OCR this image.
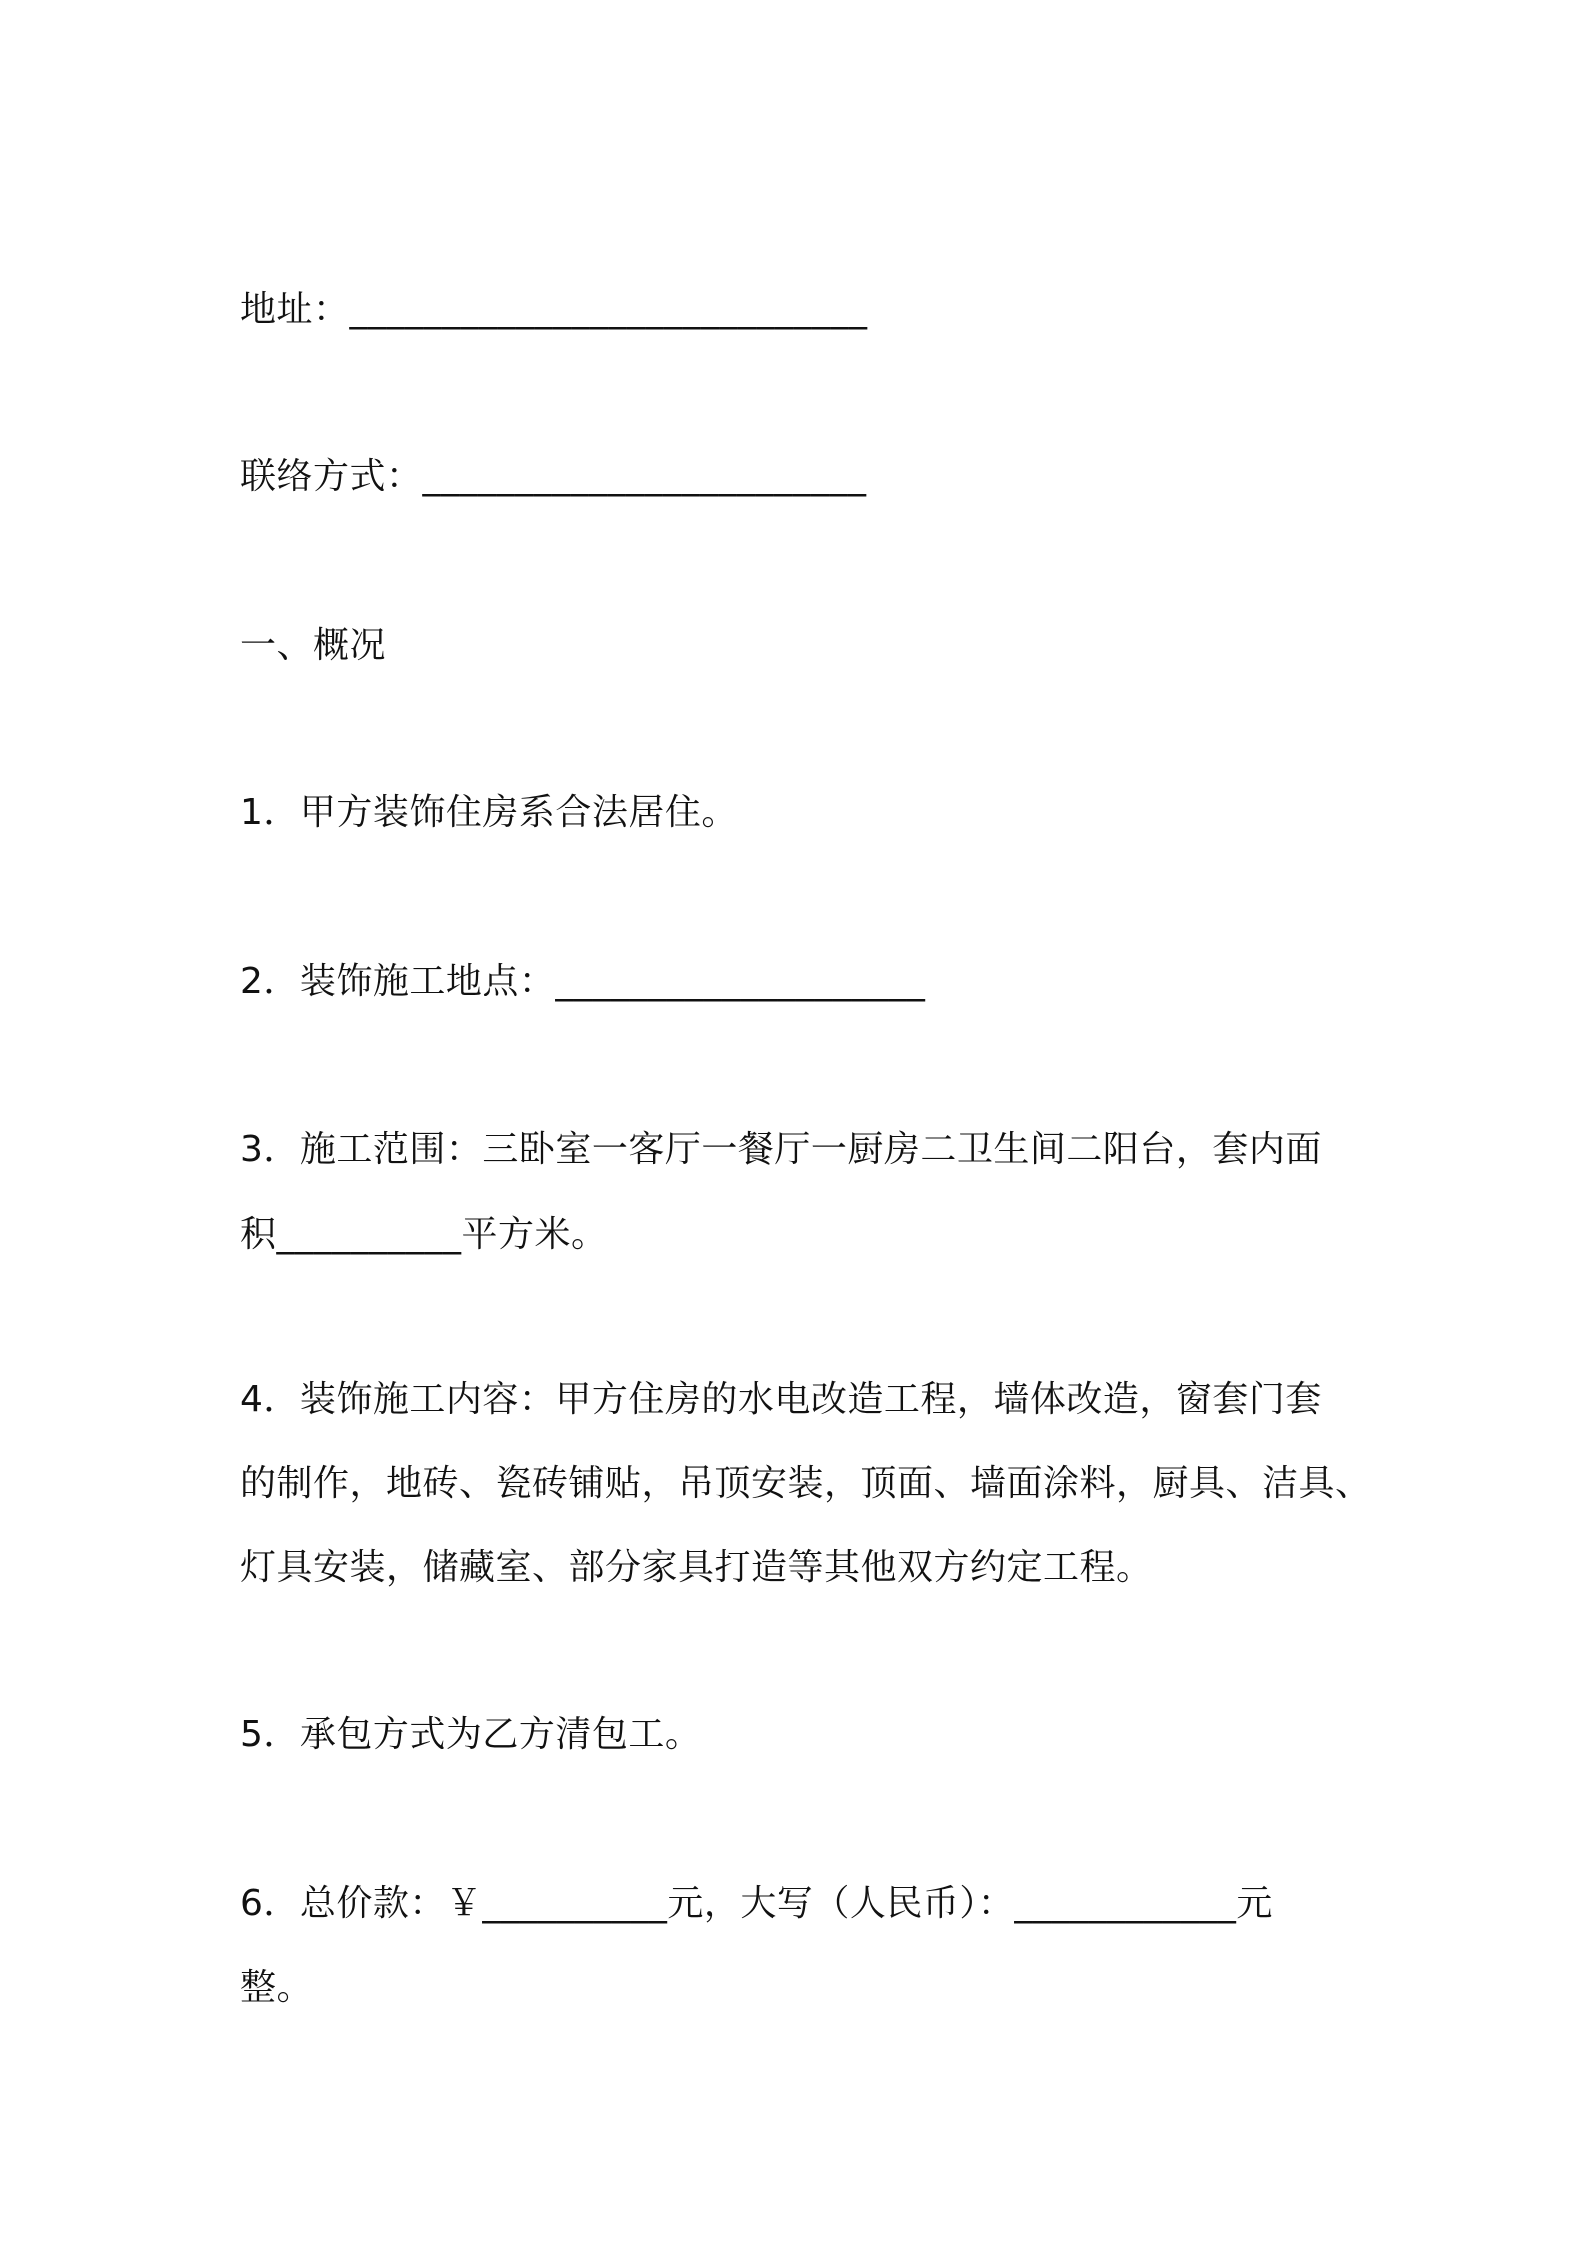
地址：____________________________
联络方式：________________________
一、概况
1．甲方装饰住房系合法居住。
2．装饰施工地点：____________________
3．施工范围：三卧室一客厅一餐厅一厨房二卫生间二阳台，套内面
积__________平方米。
4．装饰施工内容：甲方住房的水电改造工程，墙体改造，窗套门套
的制作，地砖、瓷砖铺贴，吊顶安装，顶面、墙面涂料，厨具、洁具、
灯具安装，储藏室、部分家具打造等其他双方约定工程。
5．承包方式为乙方清包工。
6．总价款：￥__________元，大写（人民币）：____________元
整。
